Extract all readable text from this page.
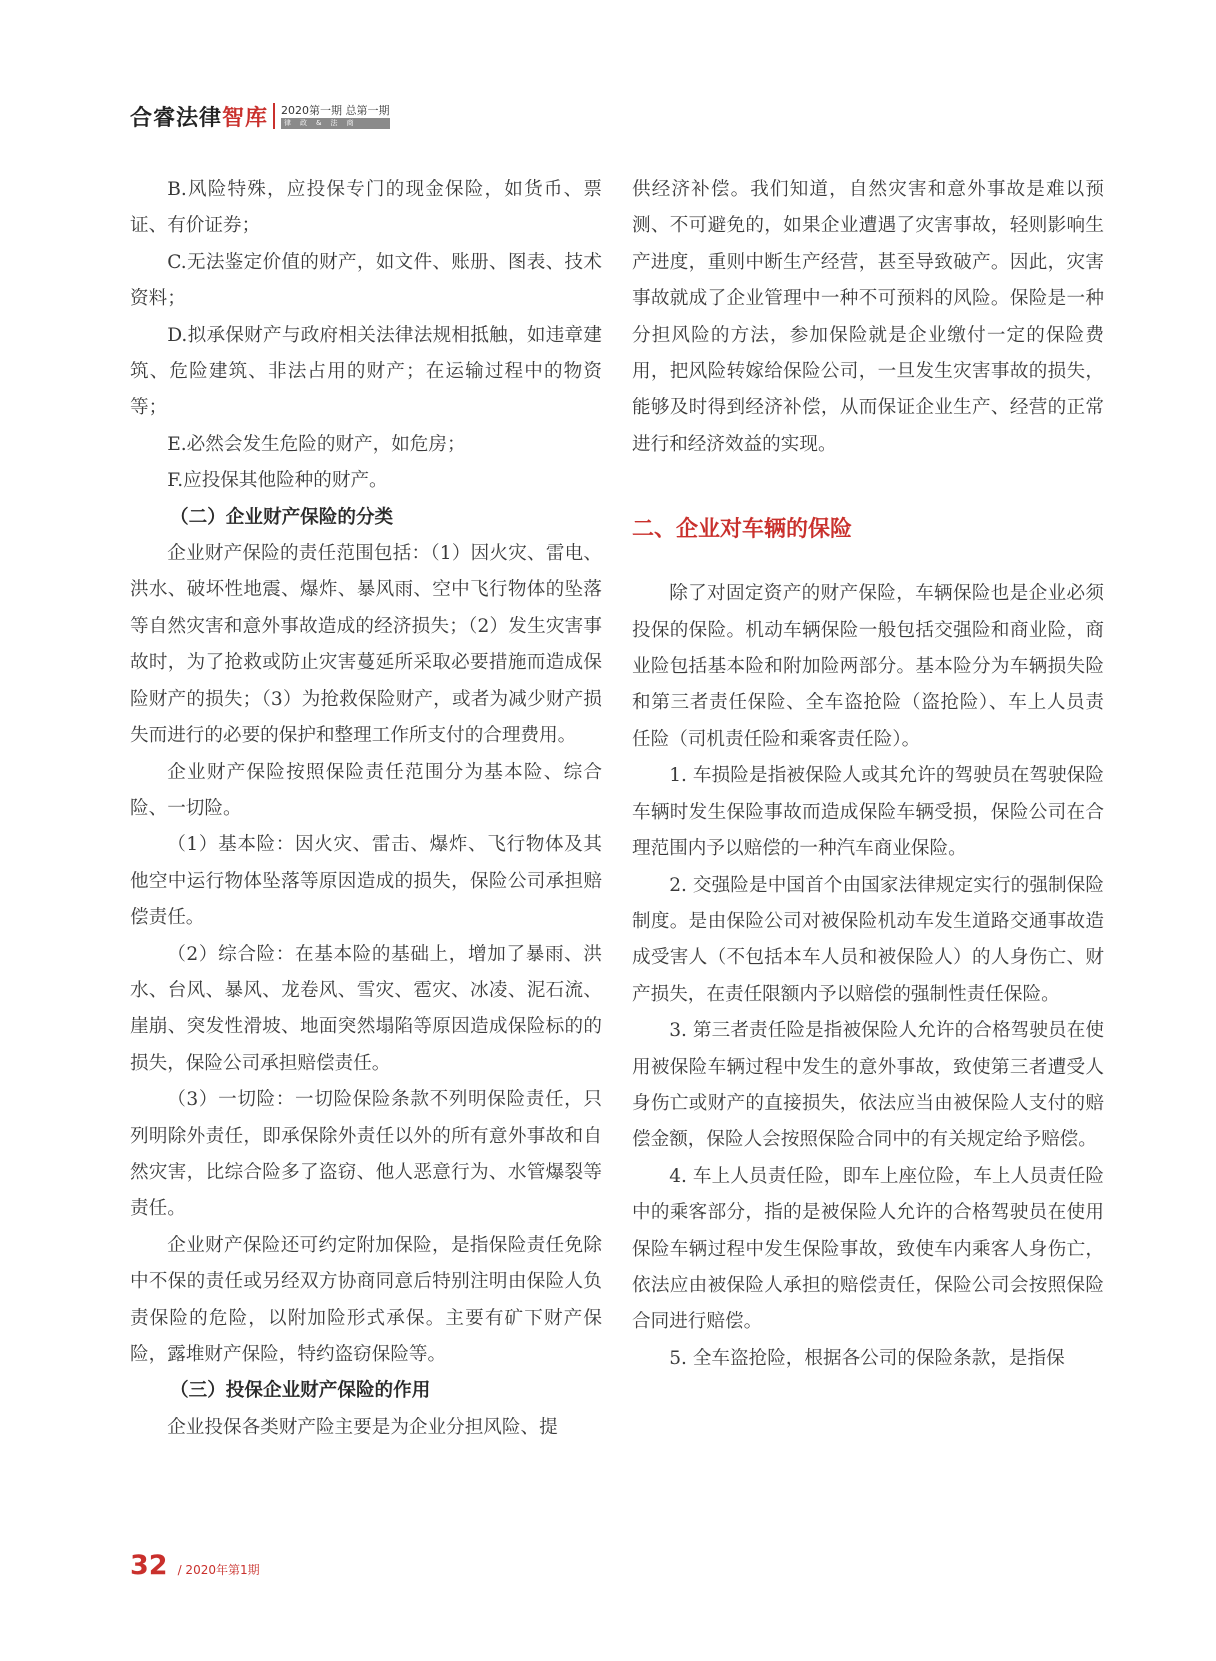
合睿法律智库 2020第一期 总第一期
律政&法商

B.风险特殊，应投保专门的现金保险，如货币、票证、有价证券；

C.无法鉴定价值的财产，如文件、账册、图表、技术资料；

D.拟承保财产与政府相关法律法规相抵触，如违章建筑、危险建筑、非法占用的财产；在运输过程中的物资等；

E.必然会发生危险的财产，如危房；

F.应投保其他险种的财产。

（二）企业财产保险的分类

企业财产保险的责任范围包括：（1）因火灾、雷电、洪水、破坏性地震、爆炸、暴风雨、空中飞行物体的坠落等自然灾害和意外事故造成的经济损失；（2）发生灾害事故时，为了抢救或防止灾害蔓延所采取必要措施而造成保险财产的损失；（3）为抢救保险财产，或者为减少财产损失而进行的必要的保护和整理工作所支付的合理费用。

企业财产保险按照保险责任范围分为基本险、综合险、一切险。

（1）基本险：因火灾、雷击、爆炸、飞行物体及其他空中运行物体坠落等原因造成的损失，保险公司承担赔偿责任。

（2）综合险：在基本险的基础上，增加了暴雨、洪水、台风、暴风、龙卷风、雪灾、雹灾、冰凌、泥石流、崖崩、突发性滑坡、地面突然塌陷等原因造成保险标的的损失，保险公司承担赔偿责任。

（3）一切险：一切险保险条款不列明保险责任，只列明除外责任，即承保除外责任以外的所有意外事故和自然灾害，比综合险多了盗窃、他人恶意行为、水管爆裂等责任。

企业财产保险还可约定附加保险，是指保险责任免除中不保的责任或另经双方协商同意后特别注明由保险人负责保险的危险，以附加险形式承保。主要有矿下财产保险，露堆财产保险，特约盗窃保险等。

（三）投保企业财产保险的作用

企业投保各类财产险主要是为企业分担风险、提

供经济补偿。我们知道，自然灾害和意外事故是难以预测、不可避免的，如果企业遭遇了灾害事故，轻则影响生产进度，重则中断生产经营，甚至导致破产。因此，灾害事故就成了企业管理中一种不可预料的风险。保险是一种分担风险的方法，参加保险就是企业缴付一定的保险费用，把风险转嫁给保险公司，一旦发生灾害事故的损失，能够及时得到经济补偿，从而保证企业生产、经营的正常进行和经济效益的实现。

二、企业对车辆的保险

除了对固定资产的财产保险，车辆保险也是企业必须投保的保险。机动车辆保险一般包括交强险和商业险，商业险包括基本险和附加险两部分。基本险分为车辆损失险和第三者责任保险、全车盗抢险（盗抢险）、车上人员责任险（司机责任险和乘客责任险）。

1. 车损险是指被保险人或其允许的驾驶员在驾驶保险车辆时发生保险事故而造成保险车辆受损，保险公司在合理范围内予以赔偿的一种汽车商业保险。

2. 交强险是中国首个由国家法律规定实行的强制保险制度。是由保险公司对被保险机动车发生道路交通事故造成受害人（不包括本车人员和被保险人）的人身伤亡、财产损失，在责任限额内予以赔偿的强制性责任保险。

3. 第三者责任险是指被保险人允许的合格驾驶员在使用被保险车辆过程中发生的意外事故，致使第三者遭受人身伤亡或财产的直接损失，依法应当由被保险人支付的赔偿金额，保险人会按照保险合同中的有关规定给予赔偿。

4. 车上人员责任险，即车上座位险，车上人员责任险中的乘客部分，指的是被保险人允许的合格驾驶员在使用保险车辆过程中发生保险事故，致使车内乘客人身伤亡，依法应由被保险人承担的赔偿责任，保险公司会按照保险合同进行赔偿。

5. 全车盗抢险，根据各公司的保险条款，是指保

32 / 2020年第1期
